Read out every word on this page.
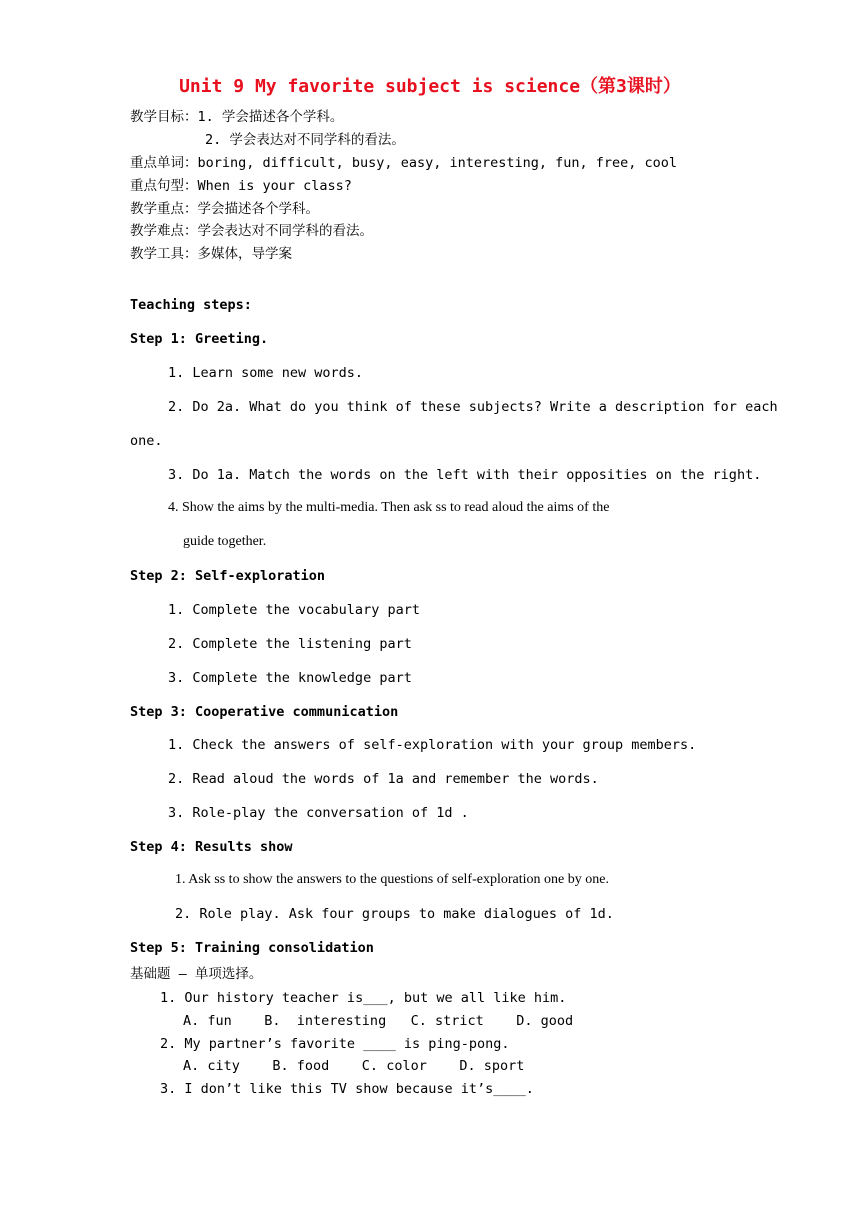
Unit 9 My favorite subject is science（第3课时）
教学目标：1. 学会描述各个学科。
2. 学会表达对不同学科的看法。
重点单词：boring, difficult, busy, easy, interesting, fun, free, cool
重点句型：When is your class?
教学重点：学会描述各个学科。
教学难点：学会表达对不同学科的看法。
教学工具：多媒体，导学案
Teaching steps:
Step 1: Greeting.
1. Learn some new words.
2. Do 2a. What do you think of these subjects? Write a description for each
one.
3. Do 1a. Match the words on the left with their opposities on the right.
4. Show the aims by the multi-media. Then ask ss to read aloud the aims of the
guide together.
Step 2: Self-exploration
1. Complete the vocabulary part
2. Complete the listening part
3. Complete the knowledge part
Step 3: Cooperative communication
1. Check the answers of self-exploration with your group members.
2. Read aloud the words of 1a and remember the words.
3. Role-play the conversation of 1d .
Step 4: Results show
1. Ask ss to show the answers to the questions of self-exploration one by one.
2. Role play. Ask four groups to make dialogues of 1d.
Step 5: Training consolidation
基础题 — 单项选择。
1. Our history teacher is___, but we all like him.
A. fun    B.  interesting   C. strict    D. good
2. My partner’s favorite ____ is ping-pong.
A. city    B. food    C. color    D. sport
3. I don’t like this TV show because it’s____.
